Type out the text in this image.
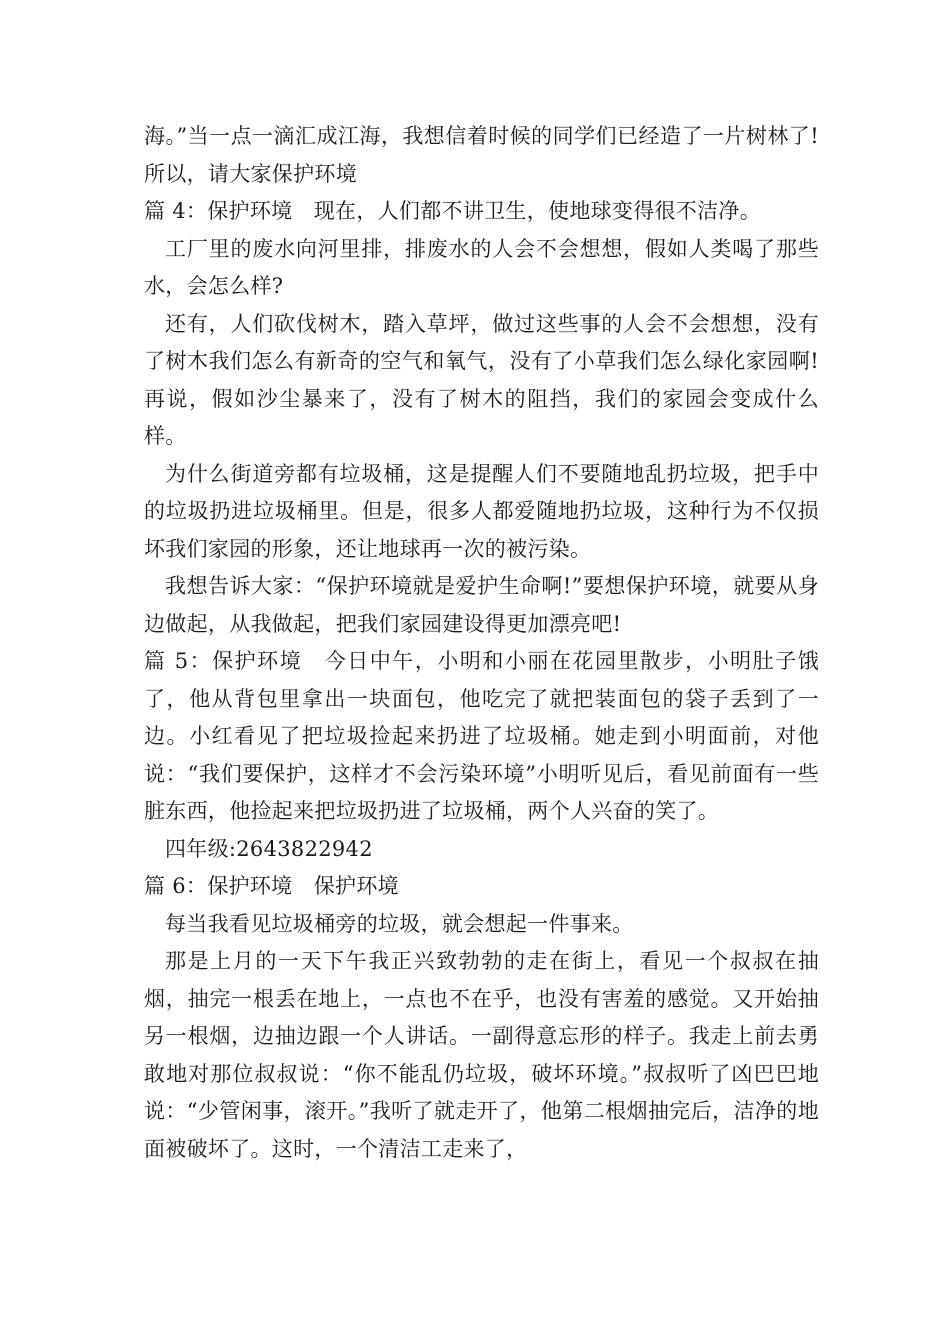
海。”当一点一滴汇成江海，我想信着时候的同学们已经造了一片树林了! 所以，请大家保护环境

篇 4：保护环境　现在，人们都不讲卫生，使地球变得很不洁净。

工厂里的废水向河里排，排废水的人会不会想想，假如人类喝了那些水，会怎么样?

还有，人们砍伐树木，踏入草坪，做过这些事的人会不会想想，没有了树木我们怎么有新奇的空气和氧气，没有了小草我们怎么绿化家园啊!再说，假如沙尘暴来了，没有了树木的阻挡，我们的家园会变成什么样。

为什么街道旁都有垃圾桶，这是提醒人们不要随地乱扔垃圾，把手中的垃圾扔进垃圾桶里。但是，很多人都爱随地扔垃圾，这种行为不仅损坏我们家园的形象，还让地球再一次的被污染。

我想告诉大家：“保护环境就是爱护生命啊!”要想保护环境，就要从身边做起，从我做起，把我们家园建设得更加漂亮吧!

篇 5：保护环境　今日中午，小明和小丽在花园里散步，小明肚子饿了，他从背包里拿出一块面包，他吃完了就把装面包的袋子丢到了一边。小红看见了把垃圾捡起来扔进了垃圾桶。她走到小明面前，对他说：“我们要保护，这样才不会污染环境”小明听见后，看见前面有一些脏东西，他捡起来把垃圾扔进了垃圾桶，两个人兴奋的笑了。

四年级:2643822942

篇 6：保护环境　保护环境

每当我看见垃圾桶旁的垃圾，就会想起一件事来。

那是上月的一天下午我正兴致勃勃的走在街上，看见一个叔叔在抽烟，抽完一根丢在地上，一点也不在乎，也没有害羞的感觉。又开始抽另一根烟，边抽边跟一个人讲话。一副得意忘形的样子。我走上前去勇敢地对那位叔叔说：“你不能乱仍垃圾，破坏环境。”叔叔听了凶巴巴地说：“少管闲事，滚开。”我听了就走开了，他第二根烟抽完后，洁净的地面被破坏了。这时，一个清洁工走来了，
